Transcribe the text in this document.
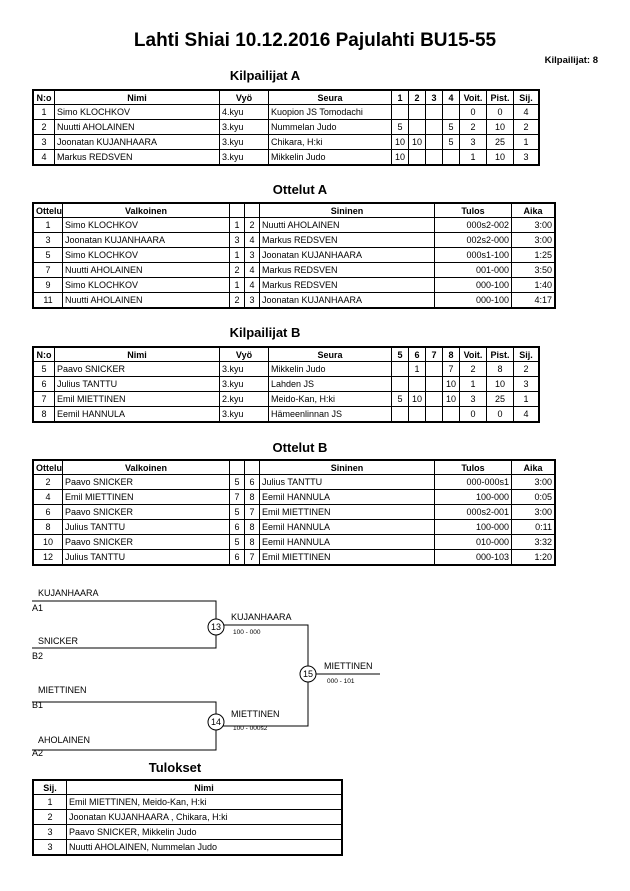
Lahti Shiai 10.12.2016 Pajulahti BU15-55
Kilpailijat: 8
Kilpailijat A
N:o	Nimi	Vyö	Seura	1	2	3	4	Voit.	Pist.	Sij.
1	Simo KLOCHKOV	4.kyu	Kuopion JS Tomodachi					0	0	4
2	Nuutti AHOLAINEN	3.kyu	Nummelan Judo	5			5	2	10	2
3	Joonatan KUJANHAARA	3.kyu	Chikara, H:ki	10	10		5	3	25	1
4	Markus REDSVEN	3.kyu	Mikkelin Judo	10				1	10	3
Ottelut A
Ottelu	Valkoinen			Sininen	Tulos	Aika
1	Simo KLOCHKOV	1	2	Nuutti AHOLAINEN	000s2-002	3:00
3	Joonatan KUJANHAARA	3	4	Markus REDSVEN	002s2-000	3:00
5	Simo KLOCHKOV	1	3	Joonatan KUJANHAARA	000s1-100	1:25
7	Nuutti AHOLAINEN	2	4	Markus REDSVEN	001-000	3:50
9	Simo KLOCHKOV	1	4	Markus REDSVEN	000-100	1:40
11	Nuutti AHOLAINEN	2	3	Joonatan KUJANHAARA	000-100	4:17
Kilpailijat B
N:o	Nimi	Vyö	Seura	5	6	7	8	Voit.	Pist.	Sij.
5	Paavo SNICKER	3.kyu	Mikkelin Judo		1		7	2	8	2
6	Julius TANTTU	3.kyu	Lahden JS				10	1	10	3
7	Emil MIETTINEN	2.kyu	Meido-Kan, H:ki	5	10		10	3	25	1
8	Eemil HANNULA	3.kyu	Hämeenlinnan JS					0	0	4
Ottelut B
Ottelu	Valkoinen			Sininen	Tulos	Aika
2	Paavo SNICKER	5	6	Julius TANTTU	000-000s1	3:00
4	Emil MIETTINEN	7	8	Eemil HANNULA	100-000	0:05
6	Paavo SNICKER	5	7	Emil MIETTINEN	000s2-001	3:00
8	Julius TANTTU	6	8	Eemil HANNULA	100-000	0:11
10	Paavo SNICKER	5	8	Eemil HANNULA	010-000	3:32
12	Julius TANTTU	6	7	Emil MIETTINEN	000-103	1:20
KUJANHAARA
A1
SNICKER
B2
MIETTINEN
B1
AHOLAINEN
A2
13
KUJANHAARA
100 - 000
14
MIETTINEN
100 - 000s2
15
MIETTINEN
000 - 101
Tulokset
Sij.	Nimi
1	Emil MIETTINEN, Meido-Kan, H:ki
2	Joonatan KUJANHAARA , Chikara, H:ki
3	Paavo SNICKER, Mikkelin Judo
3	Nuutti AHOLAINEN, Nummelan Judo
